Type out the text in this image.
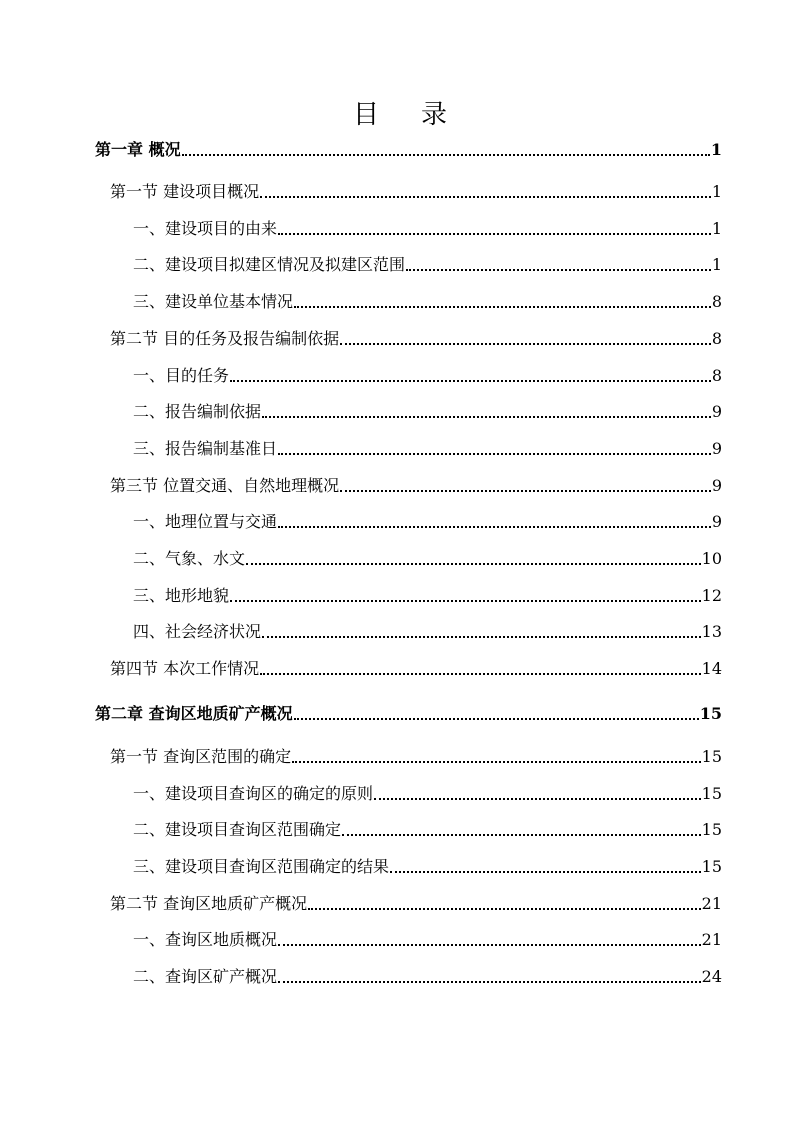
目 录
第一章 概况	1
第一节 建设项目概况	1
一、建设项目的由来	1
二、建设项目拟建区情况及拟建区范围	1
三、建设单位基本情况	8
第二节 目的任务及报告编制依据	8
一、目的任务	8
二、报告编制依据	9
三、报告编制基准日	9
第三节 位置交通、自然地理概况	9
一、地理位置与交通	9
二、气象、水文	10
三、地形地貌	12
四、社会经济状况	13
第四节 本次工作情况	14
第二章 查询区地质矿产概况	15
第一节 查询区范围的确定	15
一、建设项目查询区的确定的原则	15
二、建设项目查询区范围确定	15
三、建设项目查询区范围确定的结果	15
第二节 查询区地质矿产概况	21
一、查询区地质概况	21
二、查询区矿产概况	24
